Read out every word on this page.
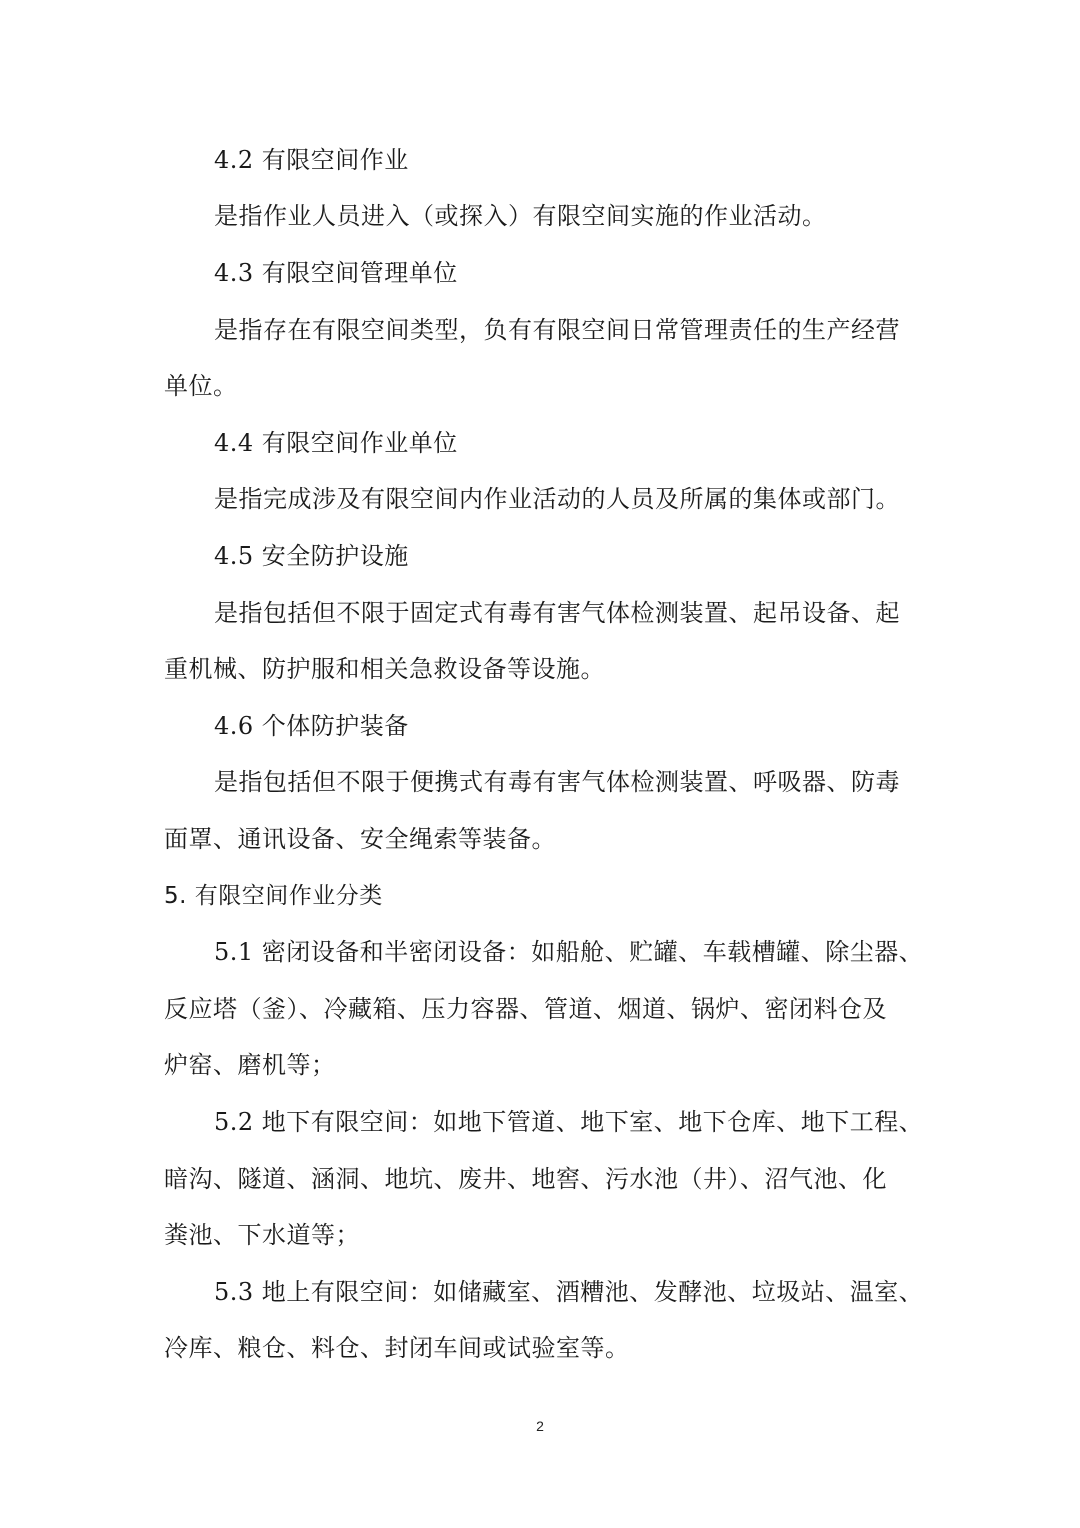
4.2 有限空间作业
是指作业人员进入（或探入）有限空间实施的作业活动。
4.3 有限空间管理单位
是指存在有限空间类型，负有有限空间日常管理责任的生产经营
单位。
4.4 有限空间作业单位
是指完成涉及有限空间内作业活动的人员及所属的集体或部门。
4.5 安全防护设施
是指包括但不限于固定式有毒有害气体检测装置、起吊设备、起
重机械、防护服和相关急救设备等设施。
4.6 个体防护装备
是指包括但不限于便携式有毒有害气体检测装置、呼吸器、防毒
面罩、通讯设备、安全绳索等装备。
5. 有限空间作业分类
5.1 密闭设备和半密闭设备：如船舱、贮罐、车载槽罐、除尘器、
反应塔（釜）、冷藏箱、压力容器、管道、烟道、锅炉、密闭料仓及
炉窑、磨机等；
5.2 地下有限空间：如地下管道、地下室、地下仓库、地下工程、
暗沟、隧道、涵洞、地坑、废井、地窖、污水池（井）、沼气池、化
粪池、下水道等；
5.3 地上有限空间：如储藏室、酒糟池、发酵池、垃圾站、温室、
冷库、粮仓、料仓、封闭车间或试验室等。
2
